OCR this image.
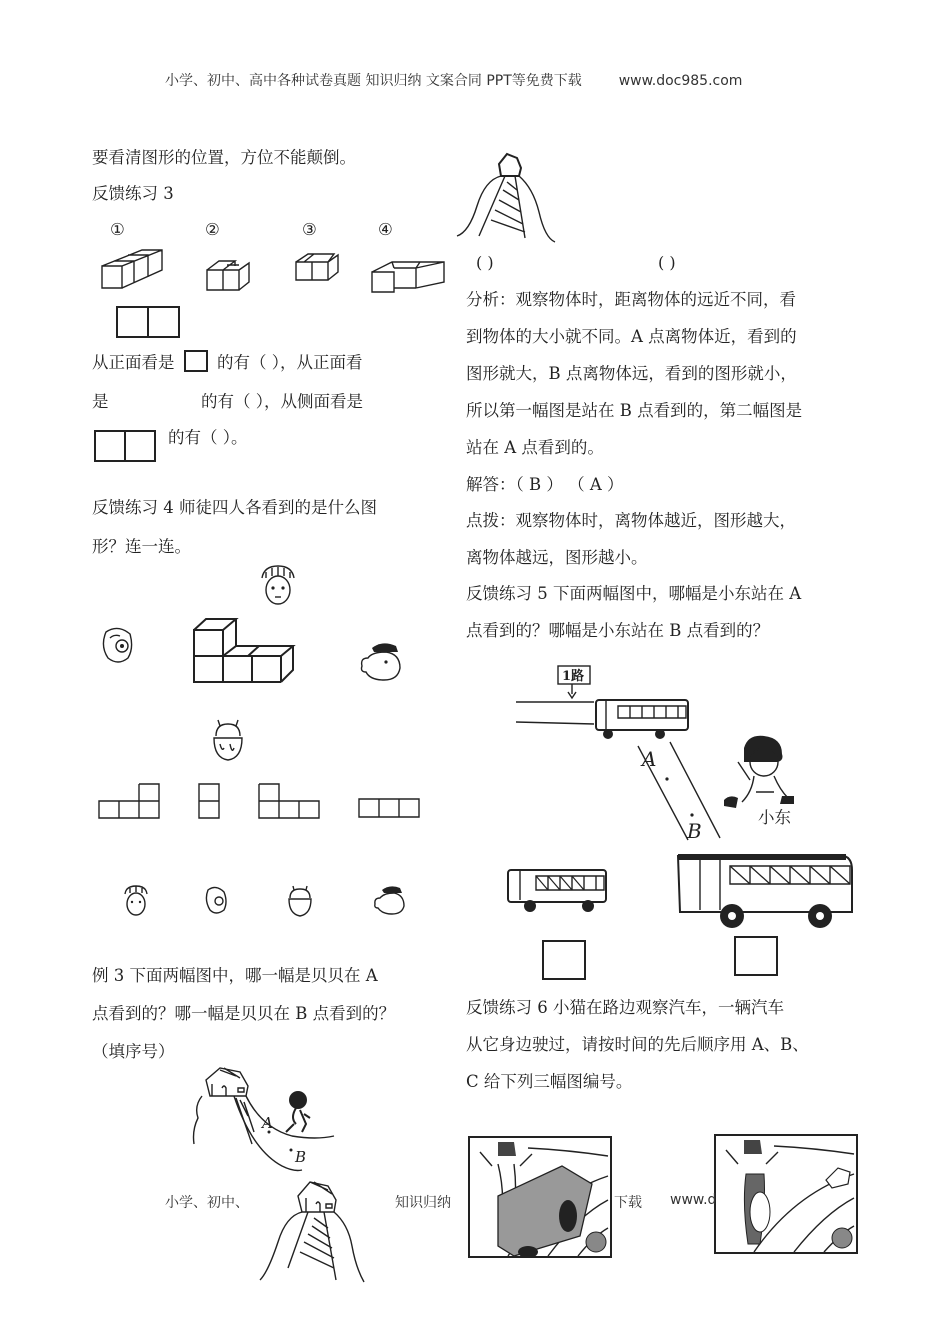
小学、初中、高中各种试卷真题 知识归纳 文案合同 PPT等免费下载	www.doc985.com
要看清图形的位置，方位不能颠倒。
反馈练习 3
①	②	③	④
从正面看是	的有（ ），从正面看
是	的有（ ），从侧面看是
的有（ ）。
反馈练习 4 师徒四人各看到的是什么图
形？连一连。
例 3 下面两幅图中，哪一幅是贝贝在 A
点看到的？哪一幅是贝贝在 B 点看到的？
（填序号）
A
B
( )	( )
分析：观察物体时，距离物体的远近不同，看
到物体的大小就不同。A 点离物体近，看到的
图形就大，B 点离物体远，看到的图形就小，
所以第一幅图是站在 B 点看到的，第二幅图是
站在 A 点看到的。
解答：（ B ） （ A ）
点拨：观察物体时，离物体越近，图形越大，
离物体越远，图形越小。
反馈练习 5 下面两幅图中，哪幅是小东站在 A
点看到的？哪幅是小东站在 B 点看到的？
1路
A
B
小东
反馈练习 6 小猫在路边观察汽车，一辆汽车
从它身边驶过，请按时间的先后顺序用 A、B、
C 给下列三幅图编号。
小学、初中、	知识归纳	下载 www.d
